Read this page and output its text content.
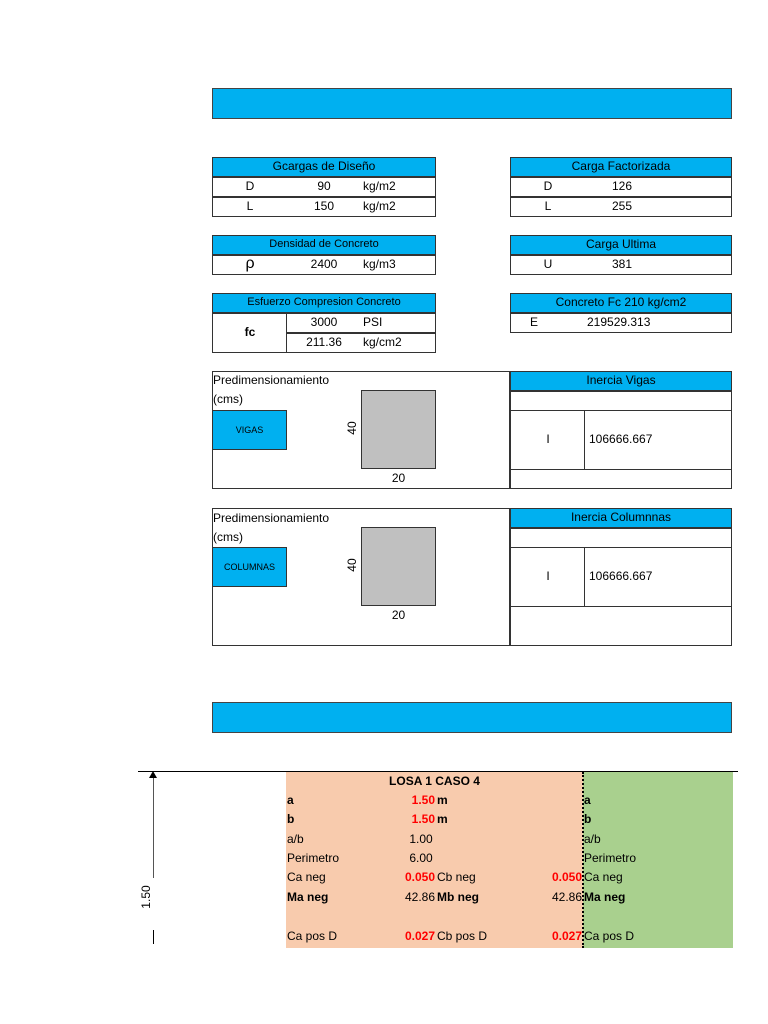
Gcargas de Diseño
D	90	kg/m2
L	150	kg/m2
Carga Factorizada
D	126
L	255
Densidad de Concreto
ρ	2400	kg/m3
Carga Ultima
U	381
Esfuerzo Compresion Concreto
fc
3000	PSI
211.36	kg/cm2
Concreto Fc 210 kg/cm2
E	219529.313
Predimensionamiento
(cms)
VIGAS	40
20
Inercia Vigas
I	106666.667
Predimensionamiento
(cms)
COLUMNAS	40
20
Inercia Columnnas
I	106666.667
1.50
LOSA 1 CASO 4
a	1.50 m
b	1.50 m
a/b	1.00
Perimetro	6.00
Ca neg	0.050 Cb neg	0.050
Ma neg	42.86 Mb neg	42.86
Ca pos D	0.027 Cb pos D	0.027
a
b
a/b
Perimetro
Ca neg
Ma neg
Ca pos D
